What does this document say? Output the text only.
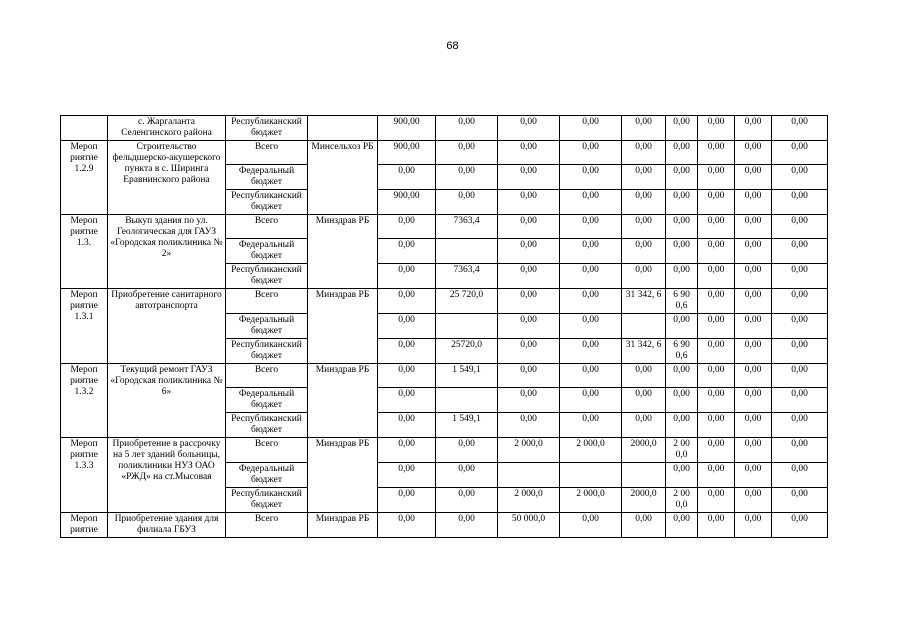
68
	с. Жаргаланта Селенгинского района	Республиканский бюджет		900,00	0,00	0,00	0,00	0,00	0,00	0,00	0,00	0,00
Мероп риятие 1.2.9	Строительство фельдшерско-акушерского пункта в с. Ширинга Еравнинского района	Всего	Минсельхоз РБ	900,00	0,00	0,00	0,00	0,00	0,00	0,00	0,00	0,00
		Федеральный бюджет		0,00	0,00	0,00	0,00	0,00	0,00	0,00	0,00	0,00
		Республиканский бюджет		900,00	0,00	0,00	0,00	0,00	0,00	0,00	0,00	0,00
Мероп риятие 1.3.	Выкуп здания по ул. Геологическая для ГАУЗ «Городская поликлиника № 2»	Всего	Минздрав РБ	0,00	7363,4	0,00	0,00	0,00	0,00	0,00	0,00	0,00
		Федеральный бюджет		0,00		0,00	0,00	0,00	0,00	0,00	0,00	0,00
		Республиканский бюджет		0,00	7363,4	0,00	0,00	0,00	0,00	0,00	0,00	0,00
Мероп риятие 1.3.1	Приобретение санитарного автотранспорта	Всего	Минздрав РБ	0,00	25 720,0	0,00	0,00	31 342, 6	6 90 0,6	0,00	0,00	0,00
		Федеральный бюджет		0,00		0,00	0,00		0,00	0,00	0,00	0,00
		Республиканский бюджет		0,00	25720,0	0,00	0,00	31 342, 6	6 90 0,6	0,00	0,00	0,00
Мероп риятие 1.3.2	Текущий ремонт ГАУЗ «Городская поликлиника № 6»	Всего	Минздрав РБ	0,00	1 549,1	0,00	0,00	0,00	0,00	0,00	0,00	0,00
		Федеральный бюджет		0,00		0,00	0,00	0,00	0,00	0,00	0,00	0,00
		Республиканский бюджет		0,00	1 549,1	0,00	0,00	0,00	0,00	0,00	0,00	0,00
Мероп риятие 1.3.3	Приобретение в рассрочку на 5 лет зданий больницы, поликлиники НУЗ ОАО «РЖД» на ст.Мысовая	Всего	Минздрав РБ	0,00	0,00	2 000,0	2 000,0	2000,0	2 00 0,0	0,00	0,00	0,00
		Федеральный бюджет		0,00	0,00				0,00	0,00	0,00	0,00
		Республиканский бюджет		0,00	0,00	2 000,0	2 000,0	2000,0	2 00 0,0	0,00	0,00	0,00
Мероп риятие	Приобретение здания для филиала ГБУЗ	Всего	Минздрав РБ	0,00	0,00	50 000,0	0,00	0,00	0,00	0,00	0,00	0,00
